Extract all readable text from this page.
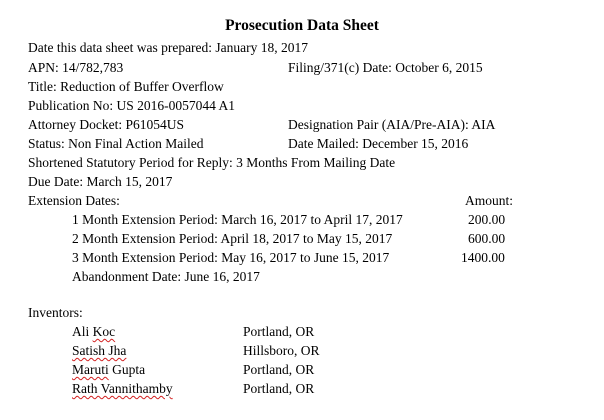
Prosecution Data Sheet
Date this data sheet was prepared: January 18, 2017
APN: 14/782,783	Filing/371(c) Date: October 6, 2015
Title: Reduction of Buffer Overflow
Publication No: US 2016-0057044 A1
Attorney Docket: P61054US	Designation Pair (AIA/Pre-AIA): AIA
Status: Non Final Action Mailed	Date Mailed: December 15, 2016
Shortened Statutory Period for Reply: 3 Months From Mailing Date
Due Date: March 15, 2017
Extension Dates:	Amount:
1 Month Extension Period: March 16, 2017 to April 17, 2017	200.00
2 Month Extension Period: April 18, 2017 to May 15, 2017	600.00
3 Month Extension Period: May 16, 2017 to June 15, 2017	1400.00
Abandonment Date: June 16, 2017
Inventors:
Ali Koc	Portland, OR
Satish Jha	Hillsboro, OR
Maruti Gupta	Portland, OR
Rath Vannithamby	Portland, OR
